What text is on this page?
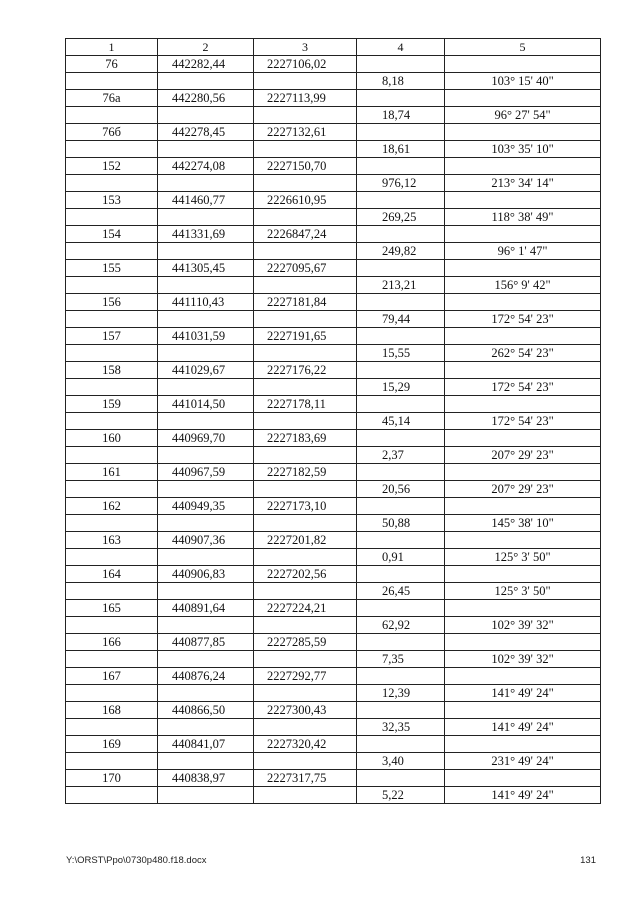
1	2	3	4	5
76	442282,44	2227106,02		
			8,18	103° 15' 40"
76а	442280,56	2227113,99		
			18,74	96° 27' 54"
76б	442278,45	2227132,61		
			18,61	103° 35' 10"
152	442274,08	2227150,70		
			976,12	213° 34' 14"
153	441460,77	2226610,95		
			269,25	118° 38' 49"
154	441331,69	2226847,24		
			249,82	96° 1' 47"
155	441305,45	2227095,67		
			213,21	156° 9' 42"
156	441110,43	2227181,84		
			79,44	172° 54' 23"
157	441031,59	2227191,65		
			15,55	262° 54' 23"
158	441029,67	2227176,22		
			15,29	172° 54' 23"
159	441014,50	2227178,11		
			45,14	172° 54' 23"
160	440969,70	2227183,69		
			2,37	207° 29' 23"
161	440967,59	2227182,59		
			20,56	207° 29' 23"
162	440949,35	2227173,10		
			50,88	145° 38' 10"
163	440907,36	2227201,82		
			0,91	125° 3' 50"
164	440906,83	2227202,56		
			26,45	125° 3' 50"
165	440891,64	2227224,21		
			62,92	102° 39' 32"
166	440877,85	2227285,59		
			7,35	102° 39' 32"
167	440876,24	2227292,77		
			12,39	141° 49' 24"
168	440866,50	2227300,43		
			32,35	141° 49' 24"
169	440841,07	2227320,42		
			3,40	231° 49' 24"
170	440838,97	2227317,75		
			5,22	141° 49' 24"
Y:\ORST\Ppo\0730p480.f18.docx	131
